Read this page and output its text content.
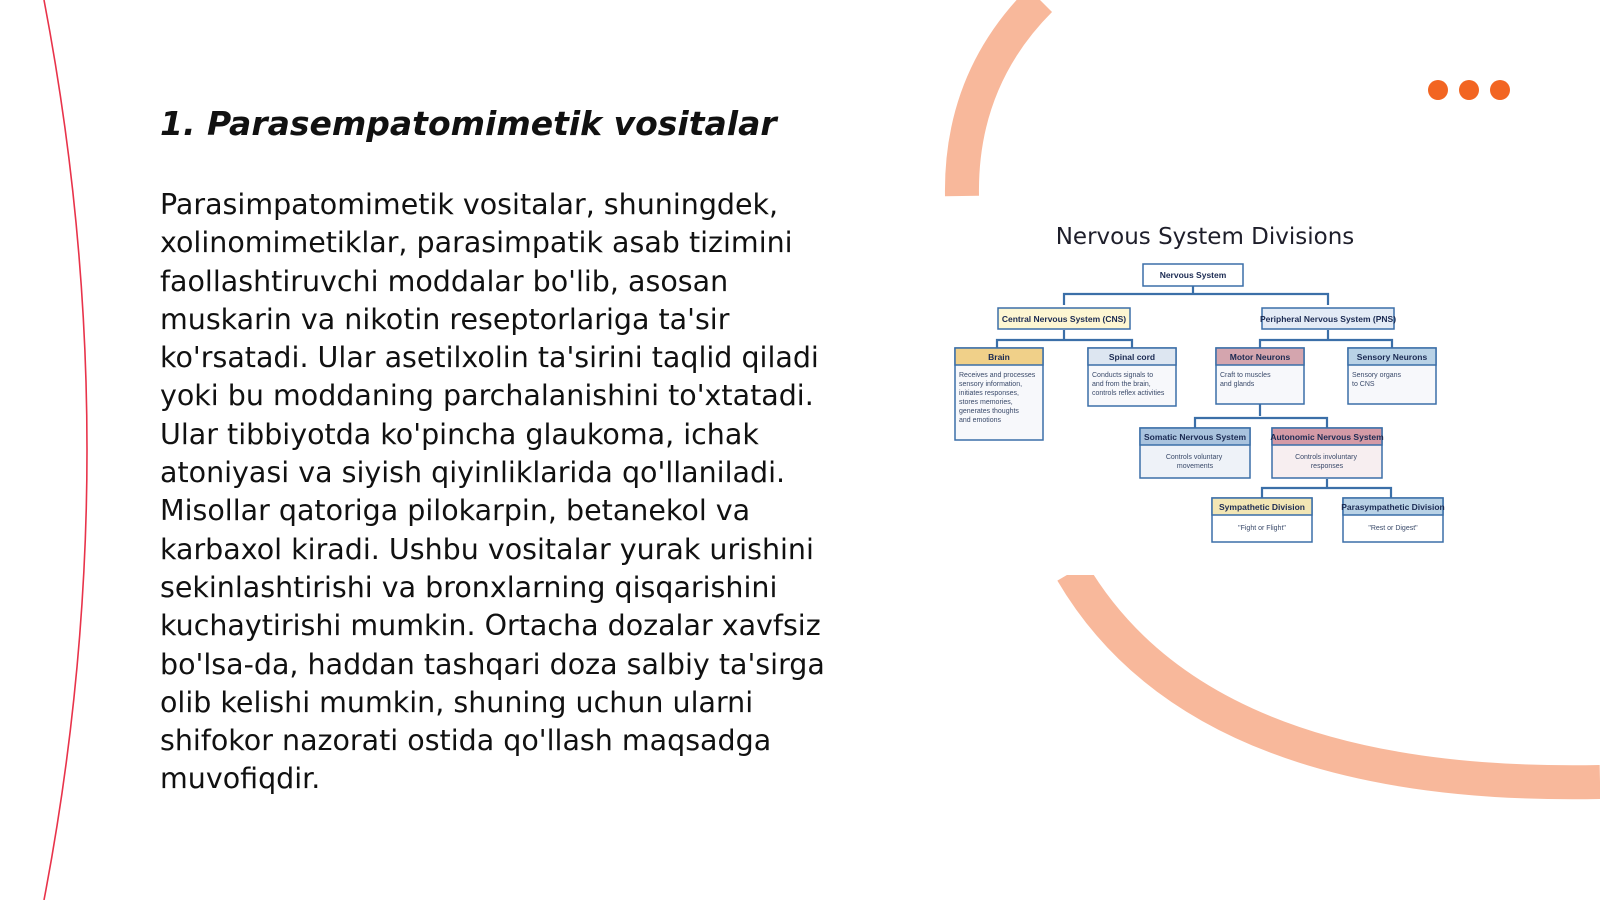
1. Parasempatomimetik vositalar

Parasimpatomimetik vositalar, shuningdek, xolinomimetiklar, parasimpatik asab tizimini faollashtiruvchi moddalar bo'lib, asosan muskarin va nikotin reseptorlariga ta'sir ko'rsatadi. Ular asetilxolin ta'sirini taqlid qiladi yoki bu moddaning parchalanishini to'xtatadi. Ular tibbiyotda ko'pincha glaukoma, ichak atoniyasi va siyish qiyinliklarida qo'llaniladi. Misollar qatoriga pilokarpin, betanekol va karbaxol kiradi. Ushbu vositalar yurak urishini sekinlashtirishi va bronxlarning qisqarishini kuchaytirishi mumkin. Ortacha dozalar xavfsiz bo'lsa-da, haddan tashqari doza salbiy ta'sirga olib kelishi mumkin, shuning uchun ularni shifokor nazorati ostida qo'llash maqsadga muvofiqdir.

Nervous System Divisions
Nervous System
Central Nervous System (CNS)	Peripheral Nervous System (PNS)
Brain
Receives and processes sensory information, initiates responses, stores memories, generates thoughts and emotions
Spinal cord
Conducts signals to and from the brain, controls reflex activities
Motor Neurons
Craft to muscles and glands
Sensory Neurons
Sensory organs to CNS
Somatic Nervous System
Controls voluntary movements
Autonomic Nervous System
Controls involuntary responses
Sympathetic Division
"Fight or Flight"
Parasympathetic Division
"Rest or Digest"
